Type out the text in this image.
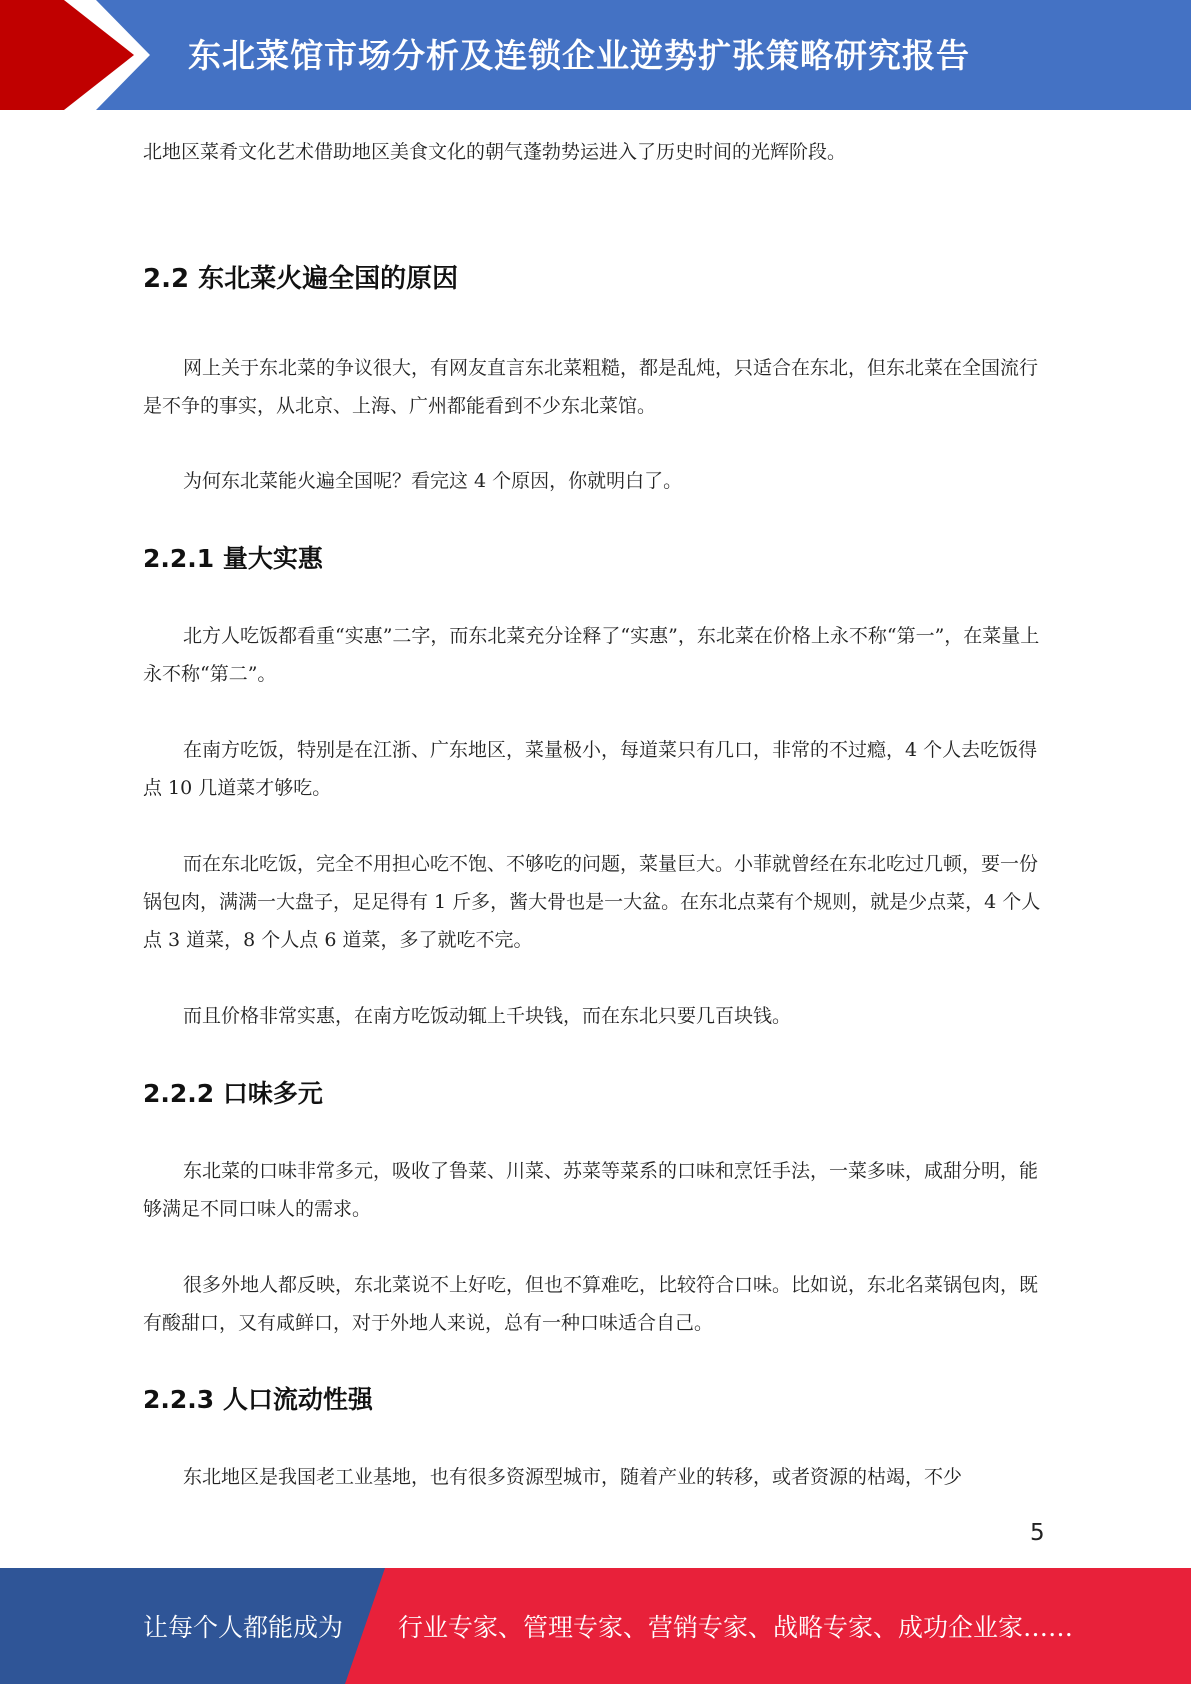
东北菜馆市场分析及连锁企业逆势扩张策略研究报告

北地区菜肴文化艺术借助地区美食文化的朝气蓬勃势运进入了历史时间的光辉阶段。

2.2 东北菜火遍全国的原因

网上关于东北菜的争议很大，有网友直言东北菜粗糙，都是乱炖，只适合在东北，但东北菜在全国流行是不争的事实，从北京、上海、广州都能看到不少东北菜馆。

为何东北菜能火遍全国呢？看完这 4 个原因，你就明白了。

2.2.1 量大实惠

北方人吃饭都看重“实惠”二字，而东北菜充分诠释了“实惠”，东北菜在价格上永不称“第一”，在菜量上永不称“第二”。

在南方吃饭，特别是在江浙、广东地区，菜量极小，每道菜只有几口，非常的不过瘾，4 个人去吃饭得点 10 几道菜才够吃。

而在东北吃饭，完全不用担心吃不饱、不够吃的问题，菜量巨大。小菲就曾经在东北吃过几顿，要一份锅包肉，满满一大盘子，足足得有 1 斤多，酱大骨也是一大盆。在东北点菜有个规则，就是少点菜，4 个人点 3 道菜，8 个人点 6 道菜，多了就吃不完。

而且价格非常实惠，在南方吃饭动辄上千块钱，而在东北只要几百块钱。

2.2.2 口味多元

东北菜的口味非常多元，吸收了鲁菜、川菜、苏菜等菜系的口味和烹饪手法，一菜多味，咸甜分明，能够满足不同口味人的需求。

很多外地人都反映，东北菜说不上好吃，但也不算难吃，比较符合口味。比如说，东北名菜锅包肉，既有酸甜口，又有咸鲜口，对于外地人来说，总有一种口味适合自己。

2.2.3 人口流动性强

东北地区是我国老工业基地，也有很多资源型城市，随着产业的转移，或者资源的枯竭，不少

5
让每个人都能成为 行业专家、管理专家、营销专家、战略专家、成功企业家……
